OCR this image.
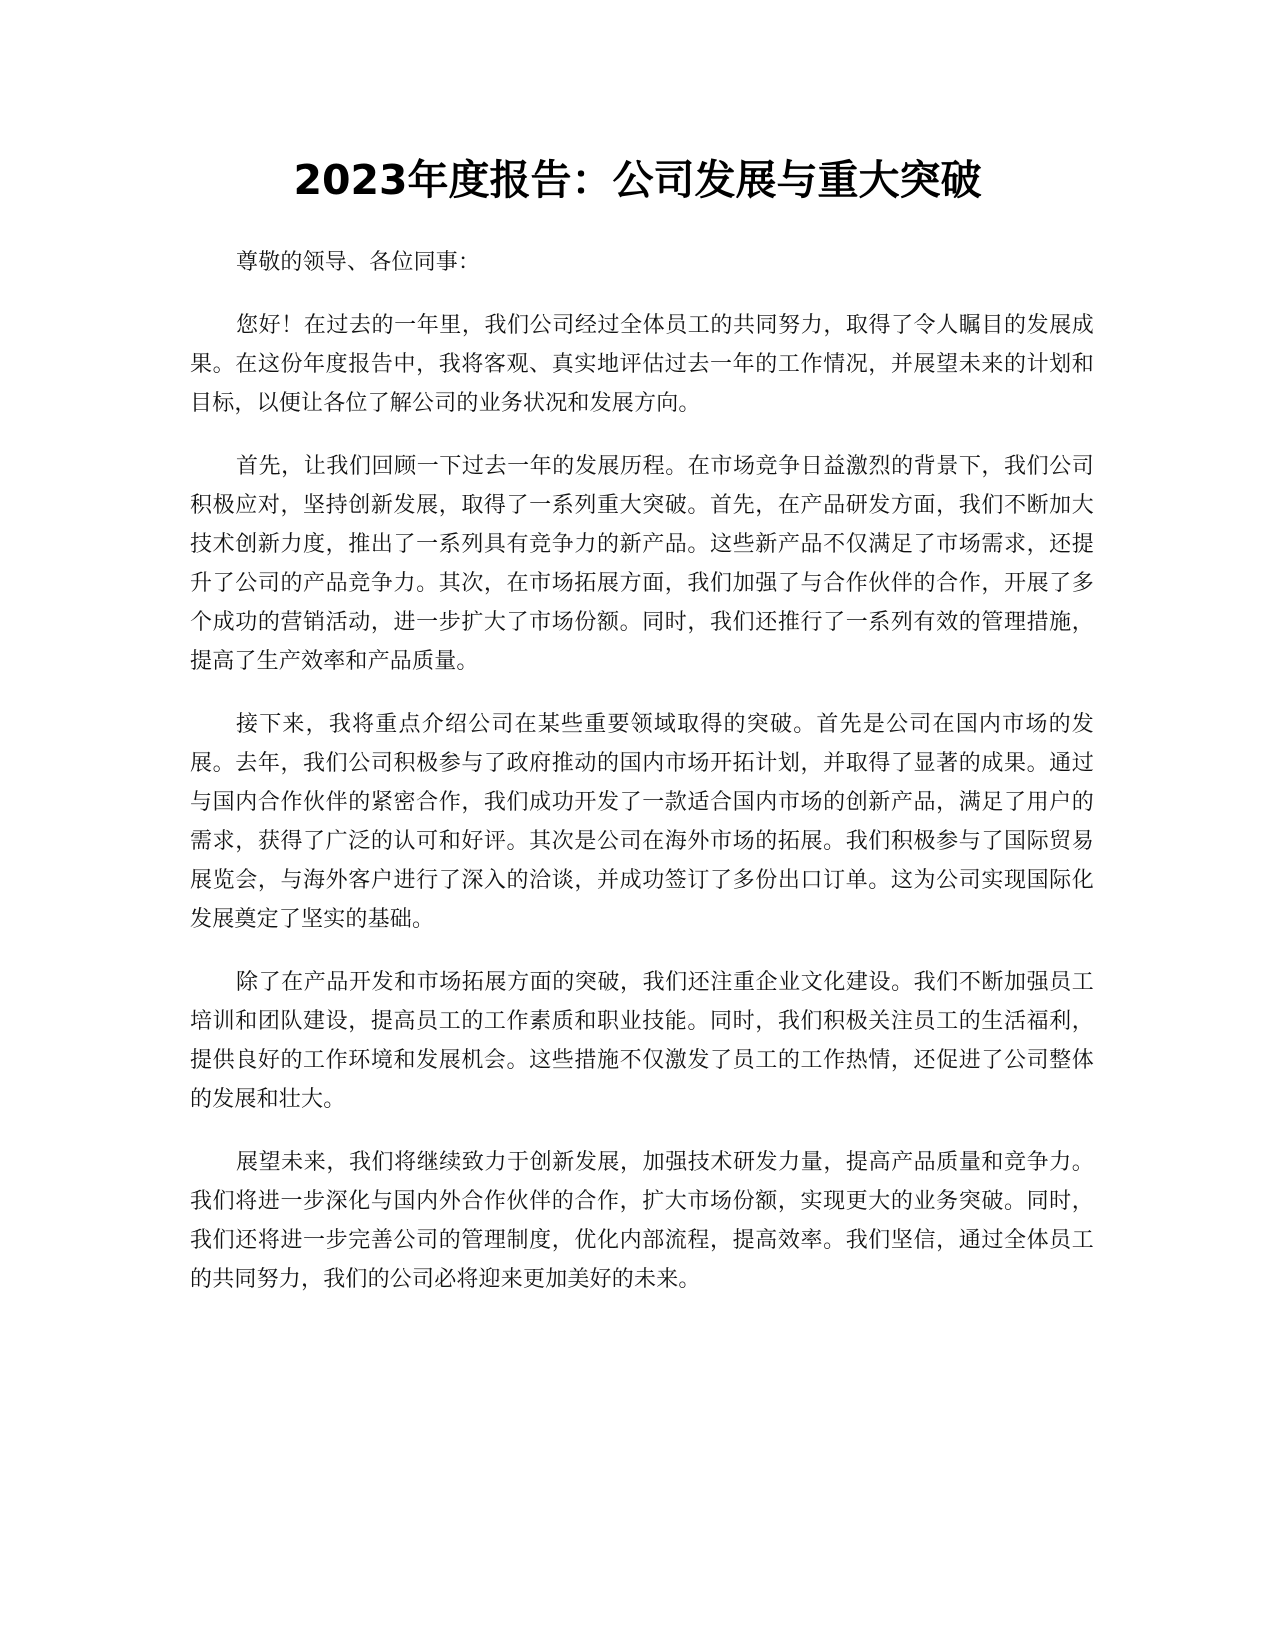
2023年度报告：公司发展与重大突破

尊敬的领导、各位同事：

您好！在过去的一年里，我们公司经过全体员工的共同努力，取得了令人瞩目的发展成果。在这份年度报告中，我将客观、真实地评估过去一年的工作情况，并展望未来的计划和目标，以便让各位了解公司的业务状况和发展方向。

首先，让我们回顾一下过去一年的发展历程。在市场竞争日益激烈的背景下，我们公司积极应对，坚持创新发展，取得了一系列重大突破。首先，在产品研发方面，我们不断加大技术创新力度，推出了一系列具有竞争力的新产品。这些新产品不仅满足了市场需求，还提升了公司的产品竞争力。其次，在市场拓展方面，我们加强了与合作伙伴的合作，开展了多个成功的营销活动，进一步扩大了市场份额。同时，我们还推行了一系列有效的管理措施，提高了生产效率和产品质量。

接下来，我将重点介绍公司在某些重要领域取得的突破。首先是公司在国内市场的发展。去年，我们公司积极参与了政府推动的国内市场开拓计划，并取得了显著的成果。通过与国内合作伙伴的紧密合作，我们成功开发了一款适合国内市场的创新产品，满足了用户的需求，获得了广泛的认可和好评。其次是公司在海外市场的拓展。我们积极参与了国际贸易展览会，与海外客户进行了深入的洽谈，并成功签订了多份出口订单。这为公司实现国际化发展奠定了坚实的基础。

除了在产品开发和市场拓展方面的突破，我们还注重企业文化建设。我们不断加强员工培训和团队建设，提高员工的工作素质和职业技能。同时，我们积极关注员工的生活福利，提供良好的工作环境和发展机会。这些措施不仅激发了员工的工作热情，还促进了公司整体的发展和壮大。

展望未来，我们将继续致力于创新发展，加强技术研发力量，提高产品质量和竞争力。我们将进一步深化与国内外合作伙伴的合作，扩大市场份额，实现更大的业务突破。同时，我们还将进一步完善公司的管理制度，优化内部流程，提高效率。我们坚信，通过全体员工的共同努力，我们的公司必将迎来更加美好的未来。
